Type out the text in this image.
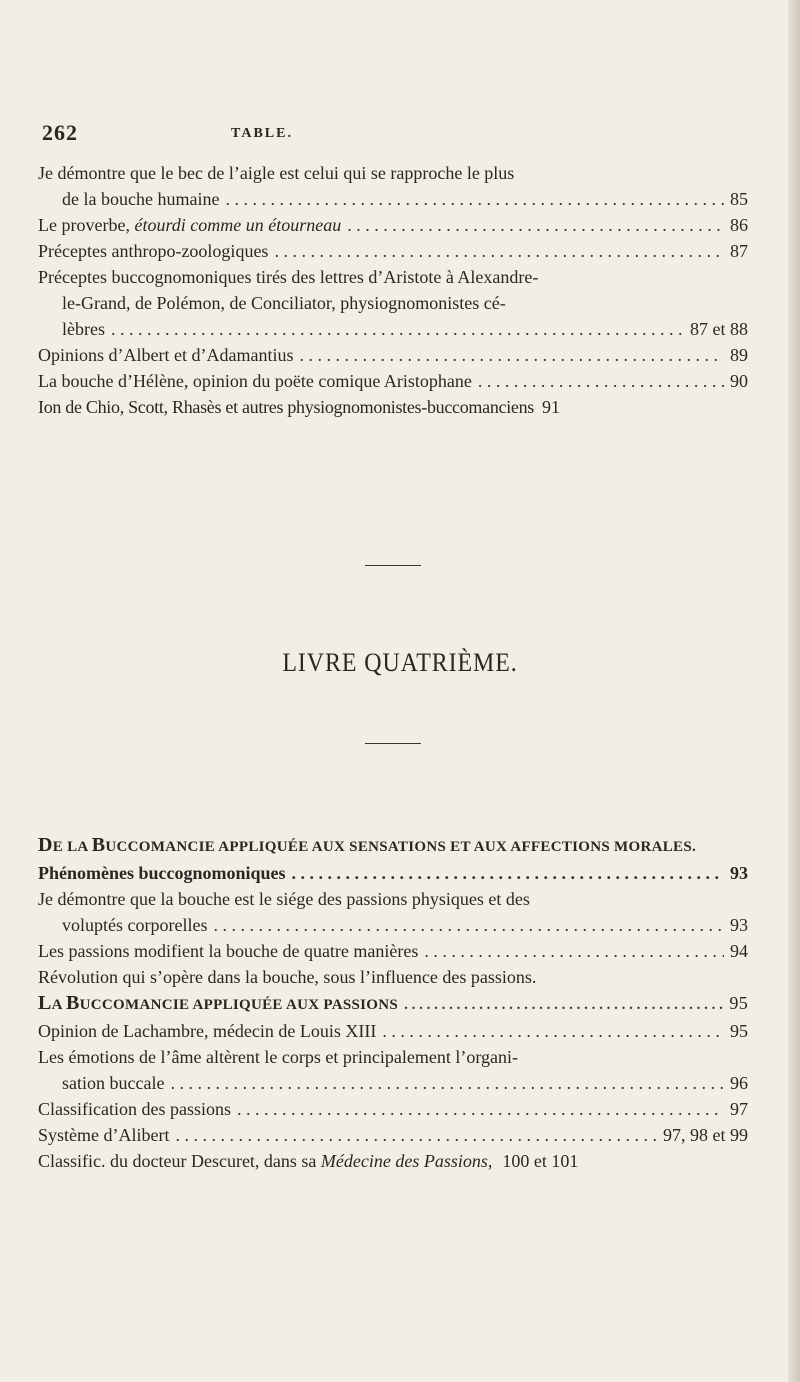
262	TABLE.
Je démontre que le bec de l’aigle est celui qui se rapproche le plus
de la bouche humaine . . .	85
Le proverbe, étourdi comme un étourneau . . .	86
Préceptes anthropo-zoologiques . . .	87
Préceptes buccognomoniques tirés des lettres d’Aristote à Alexandre-
le-Grand, de Polémon, de Conciliator, physiognomonistes cé-
lèbres . . .	87 et 88
Opinions d’Albert et d’Adamantius . . .	89
La bouche d’Hélène, opinion du poëte comique Aristophane . . .	90
Ion de Chio, Scott, Rhasès et autres physiognomonistes-buccomanciens 91
LIVRE QUATRIÈME.
DE LA BUCCOMANCIE APPLIQUÉE AUX SENSATIONS ET AUX AFFECTIONS MORALES.
Phénomènes buccognomoniques . . .	93
Je démontre que la bouche est le siége des passions physiques et des
voluptés corporelles . . .	93
Les passions modifient la bouche de quatre manières . . .	94
Révolution qui s’opère dans la bouche, sous l’influence des passions.
LA BUCCOMANCIE APPLIQUÉE AUX PASSIONS . . .	95
Opinion de Lachambre, médecin de Louis XIII . . .	95
Les émotions de l’âme altèrent le corps et principalement l’organi-
sation buccale . . .	96
Classification des passions . . .	97
Système d’Alibert . . .	97, 98 et 99
Classific. du docteur Descuret, dans sa Médecine des Passions, 100 et 101
